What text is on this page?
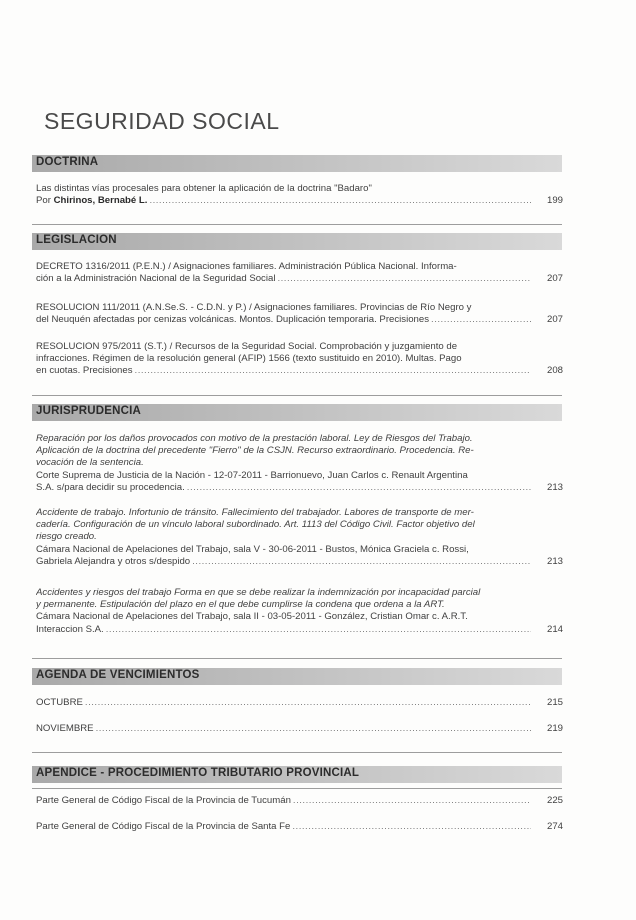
SEGURIDAD SOCIAL
DOCTRINA
Las distintas vías procesales para obtener la aplicación de la doctrina "Badaro"
Por Chirinos, Bernabé L. .....	199
LEGISLACION
DECRETO 1316/2011 (P.E.N.) / Asignaciones familiares. Administración Pública Nacional. Informa-
ción a la Administración Nacional de la Seguridad Social .....	207
RESOLUCION 111/2011 (A.N.Se.S. - C.D.N. y P.) / Asignaciones familiares. Provincias de Río Negro y
del Neuquén afectadas por cenizas volcánicas. Montos. Duplicación temporaria. Precisiones .....	207
RESOLUCION 975/2011 (S.T.) / Recursos de la Seguridad Social. Comprobación y juzgamiento de
infracciones. Régimen de la resolución general (AFIP) 1566 (texto sustituido en 2010). Multas. Pago
en cuotas. Precisiones .....	208
JURISPRUDENCIA
Reparación por los daños provocados con motivo de la prestación laboral. Ley de Riesgos del Trabajo.
Aplicación de la doctrina del precedente "Fierro" de la CSJN. Recurso extraordinario. Procedencia. Re-
vocación de la sentencia.
Corte Suprema de Justicia de la Nación - 12-07-2011 - Barrionuevo, Juan Carlos c. Renault Argentina
S.A. s/para decidir su procedencia. .....	213
Accidente de trabajo. Infortunio de tránsito. Fallecimiento del trabajador. Labores de transporte de mer-
cadería. Configuración de un vínculo laboral subordinado. Art. 1113 del Código Civil. Factor objetivo del
riesgo creado.
Cámara Nacional de Apelaciones del Trabajo, sala V - 30-06-2011 - Bustos, Mónica Graciela c. Rossi,
Gabriela Alejandra y otros s/despido .....	213
Accidentes y riesgos del trabajo Forma en que se debe realizar la indemnización por incapacidad parcial
y permanente. Estipulación del plazo en el que debe cumplirse la condena que ordena a la ART.
Cámara Nacional de Apelaciones del Trabajo, sala II - 03-05-2011 - González, Cristian Omar c. A.R.T.
Interaccion S.A. .....	214
AGENDA DE VENCIMIENTOS
OCTUBRE .....	215
NOVIEMBRE .....	219
APENDICE - PROCEDIMIENTO TRIBUTARIO PROVINCIAL
Parte General de Código Fiscal de la Provincia de Tucumán .....	225
Parte General de Código Fiscal de la Provincia de Santa Fe .....	274
